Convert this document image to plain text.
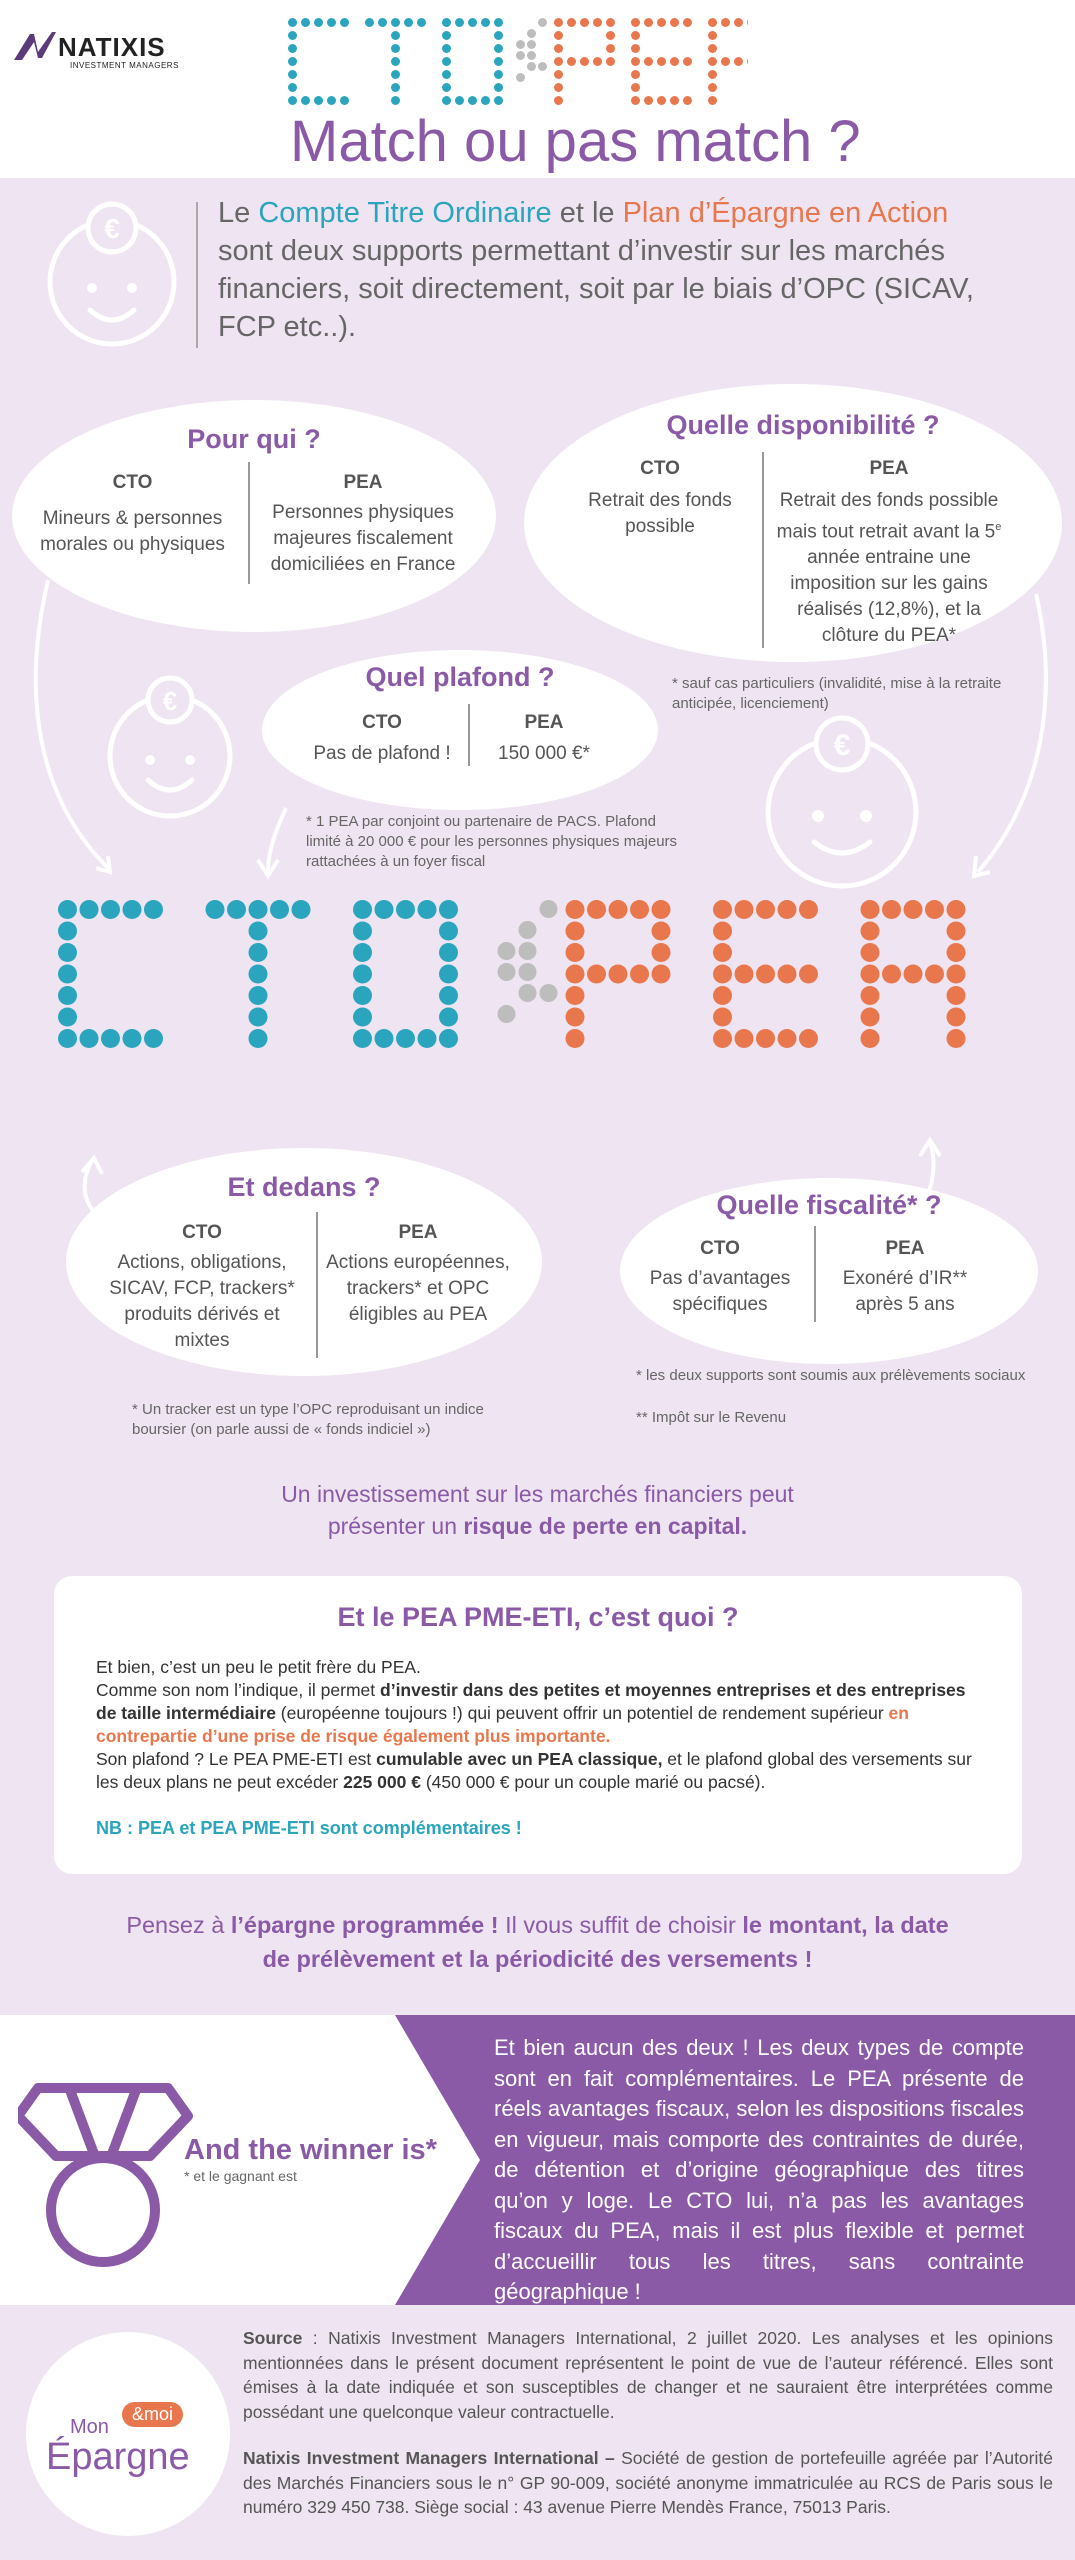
NATIXIS
INVESTMENT MANAGERS
Match ou pas match ?
€	Le Compte Titre Ordinaire et le Plan d’Épargne en Action sont deux supports permettant d’investir sur les marchés financiers, soit directement, soit par le biais d’OPC (SICAV, FCP etc..).
Pour qui ?
CTO
Mineurs & personnes morales ou physiques
PEA
Personnes physiques majeures fiscalement domiciliées en France
Quelle disponibilité ?
CTO
Retrait des fonds possible
PEA
Retrait des fonds possible mais tout retrait avant la 5e année entraine une imposition sur les gains réalisés (12,8%), et la clôture du PEA*
* sauf cas particuliers (invalidité, mise à la retraite anticipée, licenciement)
Quel plafond ?
CTO
Pas de plafond !
PEA
150 000 €*
* 1 PEA par conjoint ou partenaire de PACS. Plafond limité à 20 000 € pour les personnes physiques majeurs rattachées à un foyer fiscal
€
€
Et dedans ?
CTO
Actions, obligations, SICAV, FCP, trackers* produits dérivés et mixtes
PEA
Actions européennes, trackers* et OPC éligibles au PEA
* Un tracker est un type l’OPC reproduisant un indice boursier (on parle aussi de « fonds indiciel »)
Quelle fiscalité* ?
CTO
Pas d’avantages spécifiques
PEA
Exonéré d’IR** après 5 ans
* les deux supports sont soumis aux prélèvements sociaux
** Impôt sur le Revenu
Un investissement sur les marchés financiers peut
présenter un risque de perte en capital.
Et le PEA PME-ETI, c’est quoi ?
Et bien, c’est un peu le petit frère du PEA.
Comme son nom l’indique, il permet d’investir dans des petites et moyennes entreprises et des entreprises de taille intermédiaire (européenne toujours !) qui peuvent offrir un potentiel de rendement supérieur en contrepartie d’une prise de risque également plus importante.
Son plafond ? Le PEA PME-ETI est cumulable avec un PEA classique, et le plafond global des versements sur les deux plans ne peut excéder 225 000 € (450 000 € pour un couple marié ou pacsé).
NB : PEA et PEA PME-ETI sont complémentaires !
Pensez à l’épargne programmée ! Il vous suffit de choisir le montant, la date de prélèvement et la périodicité des versements !
And the winner is*
* et le gagnant est
Et bien aucun des deux ! Les deux types de compte sont en fait complémentaires. Le PEA présente de réels avantages fiscaux, selon les dispositions fiscales en vigueur, mais comporte des contraintes de durée, de détention et d’origine géographique des titres qu’on y loge. Le CTO lui, n’a pas les avantages fiscaux du PEA, mais il est plus flexible et permet d’accueillir tous les titres, sans contrainte géographique !
Mon
&moi
Épargne
Source : Natixis Investment Managers International, 2 juillet 2020. Les analyses et les opinions mentionnées dans le présent document représentent le point de vue de l’auteur référencé. Elles sont émises à la date indiquée et son susceptibles de changer et ne sauraient être interprétées comme possédant une quelconque valeur contractuelle.
Natixis Investment Managers International – Société de gestion de portefeuille agréée par l’Autorité des Marchés Financiers sous le n° GP 90-009, société anonyme immatriculée au RCS de Paris sous le numéro 329 450 738. Siège social : 43 avenue Pierre Mendès France, 75013 Paris.
